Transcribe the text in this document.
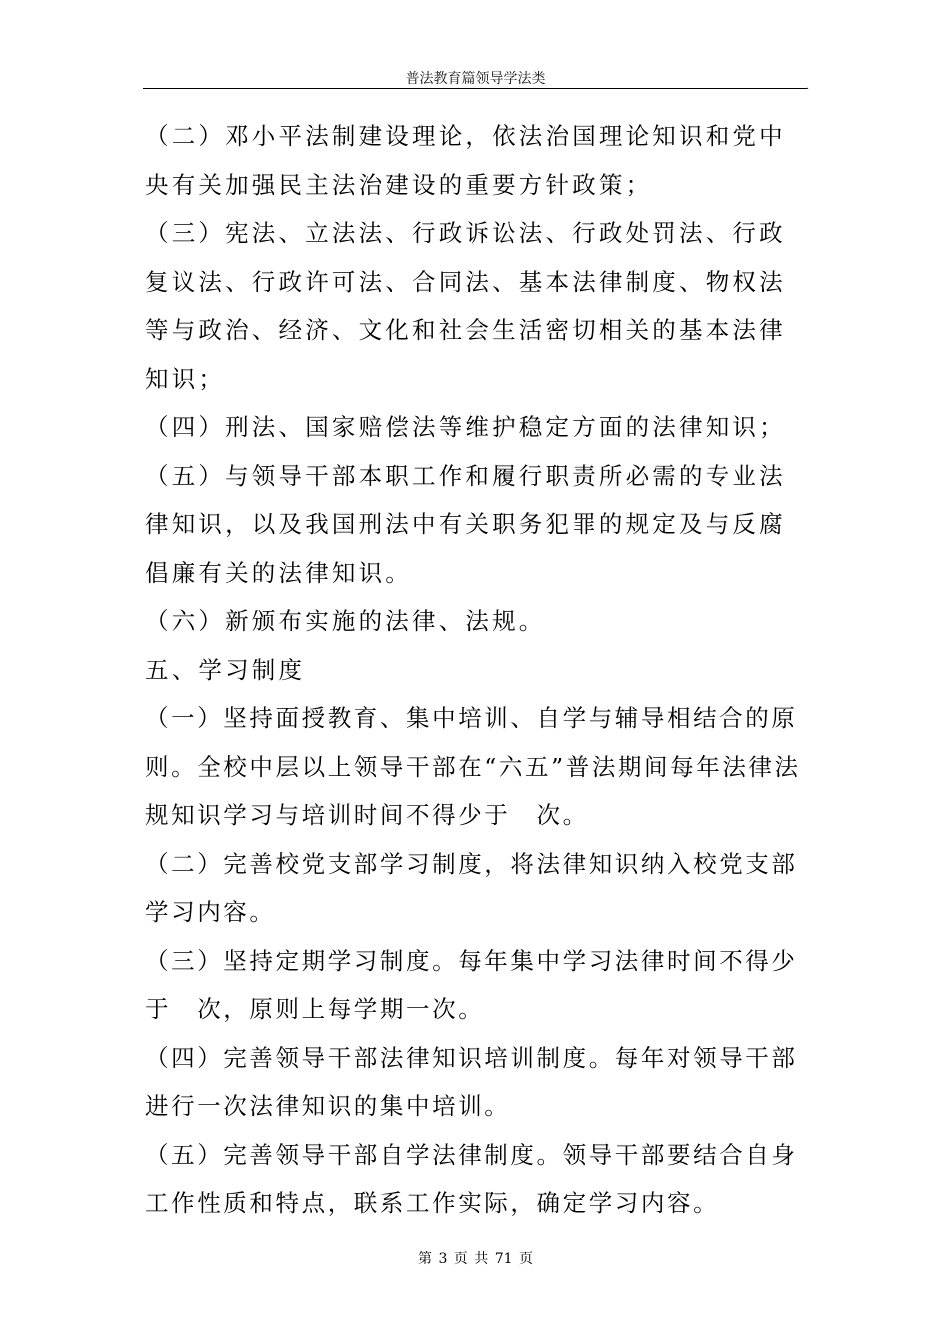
普法教育篇领导学法类	.

（二）邓小平法制建设理论，依法治国理论知识和党中央有关加强民主法治建设的重要方针政策；

（三）宪法、立法法、行政诉讼法、行政处罚法、行政复议法、行政许可法、合同法、基本法律制度、物权法等与政治、经济、文化和社会生活密切相关的基本法律知识；

（四）刑法、国家赔偿法等维护稳定方面的法律知识；

（五）与领导干部本职工作和履行职责所必需的专业法律知识，以及我国刑法中有关职务犯罪的规定及与反腐倡廉有关的法律知识。

（六）新颁布实施的法律、法规。

五、学习制度

（一）坚持面授教育、集中培训、自学与辅导相结合的原则。全校中层以上领导干部在“六五”普法期间每年法律法规知识学习与培训时间不得少于　次。

（二）完善校党支部学习制度，将法律知识纳入校党支部学习内容。

（三）坚持定期学习制度。每年集中学习法律时间不得少于　次，原则上每学期一次。

（四）完善领导干部法律知识培训制度。每年对领导干部进行一次法律知识的集中培训。

（五）完善领导干部自学法律制度。领导干部要结合自身工作性质和特点，联系工作实际，确定学习内容。

第 3 页 共 71 页
